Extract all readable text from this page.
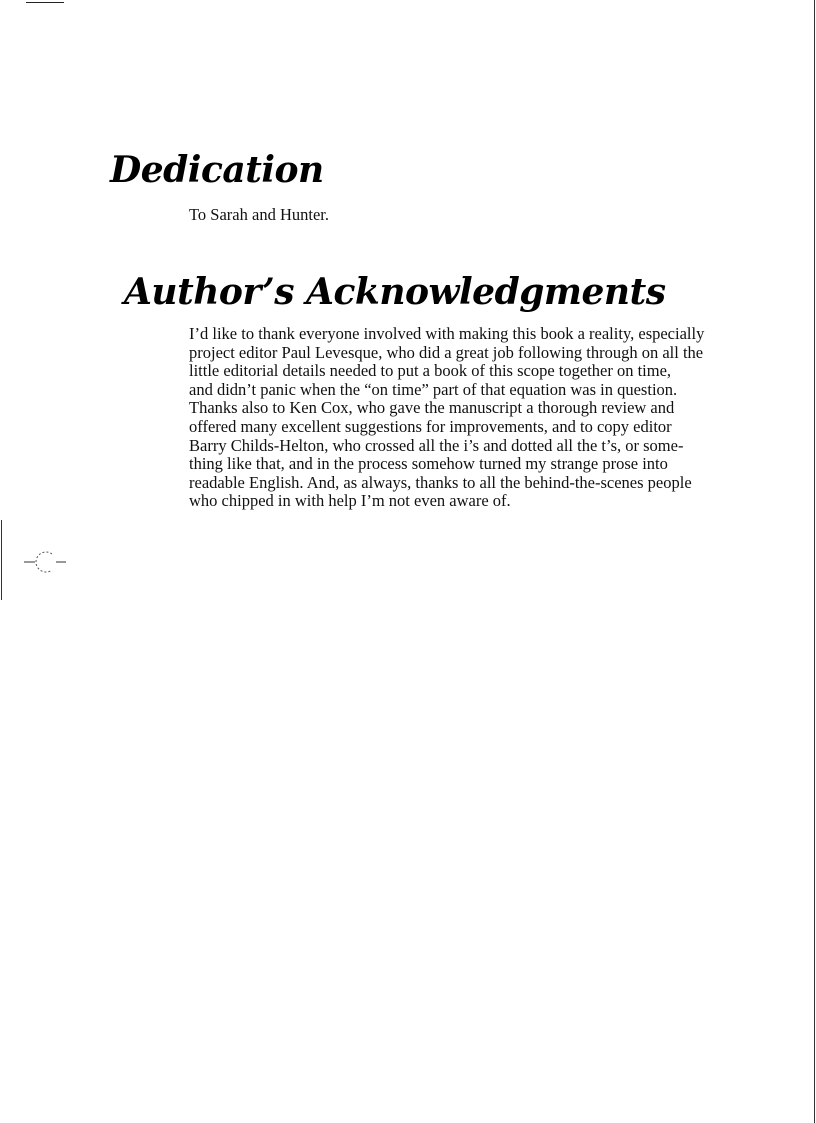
Dedication

To Sarah and Hunter.

Author’s Acknowledgments

I’d like to thank everyone involved with making this book a reality, especially
project editor Paul Levesque, who did a great job following through on all the
little editorial details needed to put a book of this scope together on time,
and didn’t panic when the “on time” part of that equation was in question.
Thanks also to Ken Cox, who gave the manuscript a thorough review and
offered many excellent suggestions for improvements, and to copy editor
Barry Childs-Helton, who crossed all the i’s and dotted all the t’s, or some-
thing like that, and in the process somehow turned my strange prose into
readable English. And, as always, thanks to all the behind-the-scenes people
who chipped in with help I’m not even aware of.
